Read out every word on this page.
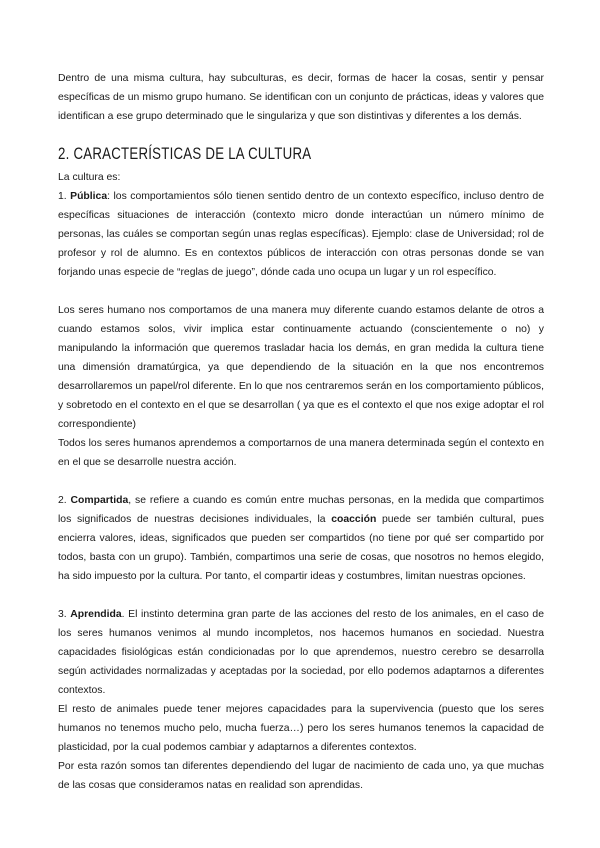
Dentro de una misma cultura, hay subculturas, es decir, formas de hacer la cosas, sentir y pensar específicas de un mismo grupo humano. Se identifican con un conjunto de prácticas, ideas y valores que identifican a ese grupo determinado que le singulariza y que son distintivas y diferentes a los demás.

2. CARACTERÍSTICAS DE LA CULTURA

La cultura es:

1. Pública: los comportamientos sólo tienen sentido dentro de un contexto específico, incluso dentro de específicas situaciones de interacción (contexto micro donde interactúan un número mínimo de personas, las cuáles se comportan según unas reglas específicas). Ejemplo: clase de Universidad; rol de profesor y rol de alumno. Es en contextos públicos de interacción con otras personas donde se van forjando unas especie de “reglas de juego”, dónde cada uno ocupa un lugar y un rol específico.

Los seres humano nos comportamos de una manera muy diferente cuando estamos delante de otros a cuando estamos solos, vivir implica estar continuamente actuando (conscientemente o no) y manipulando la información que queremos trasladar hacia los demás, en gran medida la cultura tiene una dimensión dramatúrgica, ya que dependiendo de la situación en la que nos encontremos desarrollaremos un papel/rol diferente. En lo que nos centraremos serán en los comportamiento públicos, y sobretodo en el contexto en el que se desarrollan ( ya que es el contexto el que nos exige adoptar el rol correspondiente)

Todos los seres humanos aprendemos a comportarnos de una manera determinada según el contexto en en el que se desarrolle nuestra acción.

2. Compartida, se refiere a cuando es común entre muchas personas, en la medida que compartimos los significados de nuestras decisiones individuales, la coacción puede ser también cultural, pues encierra valores, ideas, significados que pueden ser compartidos (no tiene por qué ser compartido por todos, basta con un grupo). También, compartimos una serie de cosas, que nosotros no hemos elegido, ha sido impuesto por la cultura. Por tanto, el compartir ideas y costumbres, limitan nuestras opciones.

3. Aprendida. El instinto determina gran parte de las acciones del resto de los animales, en el caso de los seres humanos venimos al mundo incompletos, nos hacemos humanos en sociedad. Nuestra capacidades fisiológicas están condicionadas por lo que aprendemos, nuestro cerebro se desarrolla según actividades normalizadas y aceptadas por la sociedad, por ello podemos adaptarnos a diferentes contextos.

El resto de animales puede tener mejores capacidades para la supervivencia (puesto que los seres humanos no tenemos mucho pelo, mucha fuerza…) pero los seres humanos tenemos la capacidad de plasticidad, por la cual podemos cambiar y adaptarnos a diferentes contextos.

Por esta razón somos tan diferentes dependiendo del lugar de nacimiento de cada uno, ya que muchas de las cosas que consideramos natas en realidad son aprendidas.
